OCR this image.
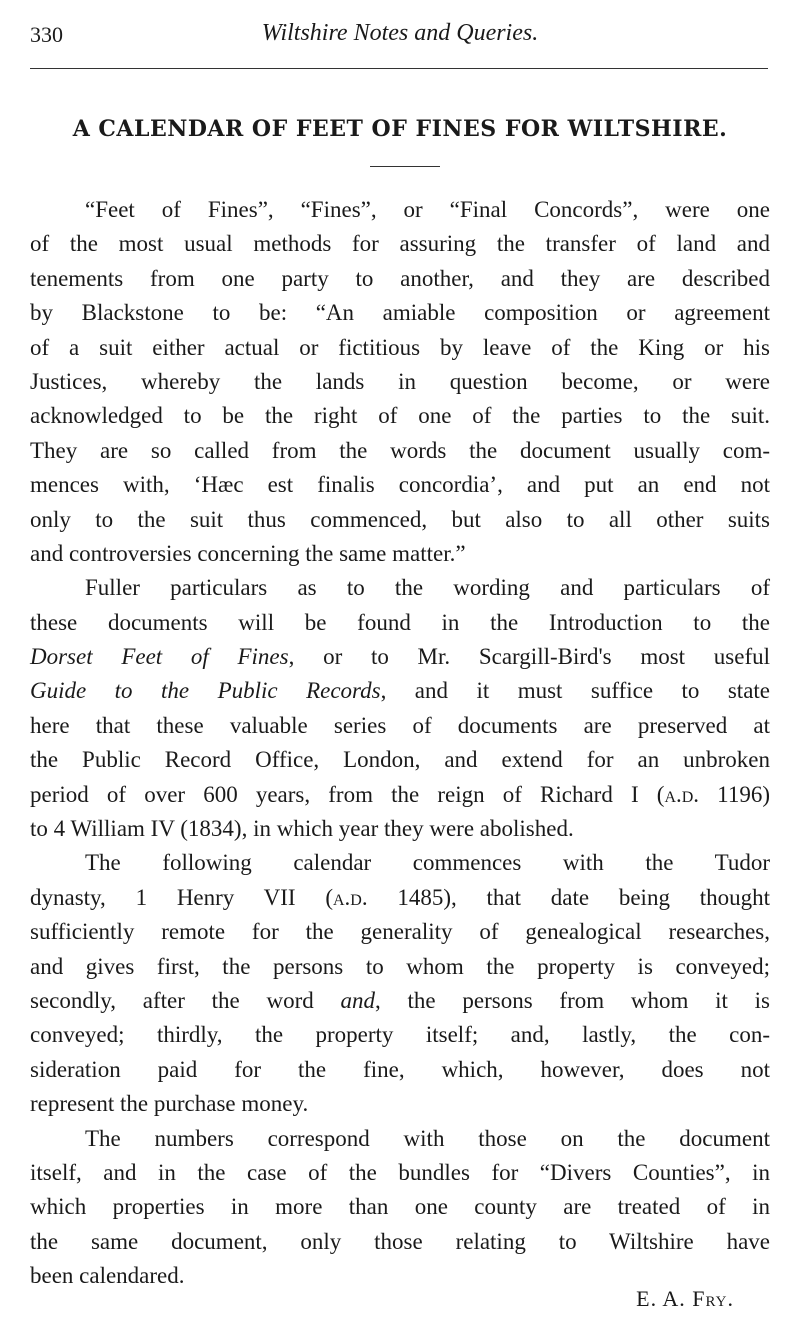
330	Wiltshire Notes and Queries.
A CALENDAR OF FEET OF FINES FOR WILTSHIRE.
“Feet of Fines”, “Fines”, or “Final Concords”, were one
of the most usual methods for assuring the transfer of land and
tenements from one party to another, and they are described
by Blackstone to be: “An amiable composition or agreement
of a suit either actual or fictitious by leave of the King or his
Justices, whereby the lands in question become, or were
acknowledged to be the right of one of the parties to the suit.
They are so called from the words the document usually com-
mences with, ‘Hæc est finalis concordia’, and put an end not
only to the suit thus commenced, but also to all other suits
and controversies concerning the same matter.”
Fuller particulars as to the wording and particulars of
these documents will be found in the Introduction to the
Dorset Feet of Fines, or to Mr. Scargill-Bird's most useful
Guide to the Public Records, and it must suffice to state
here that these valuable series of documents are preserved at
the Public Record Office, London, and extend for an unbroken
period of over 600 years, from the reign of Richard I (a.d. 1196)
to 4 William IV (1834), in which year they were abolished.
The following calendar commences with the Tudor
dynasty, 1 Henry VII (a.d. 1485), that date being thought
sufficiently remote for the generality of genealogical researches,
and gives first, the persons to whom the property is conveyed;
secondly, after the word and, the persons from whom it is
conveyed; thirdly, the property itself; and, lastly, the con-
sideration paid for the fine, which, however, does not
represent the purchase money.
The numbers correspond with those on the document
itself, and in the case of the bundles for “Divers Counties”, in
which properties in more than one county are treated of in
the same document, only those relating to Wiltshire have
been calendared.
E. A. Fry.
